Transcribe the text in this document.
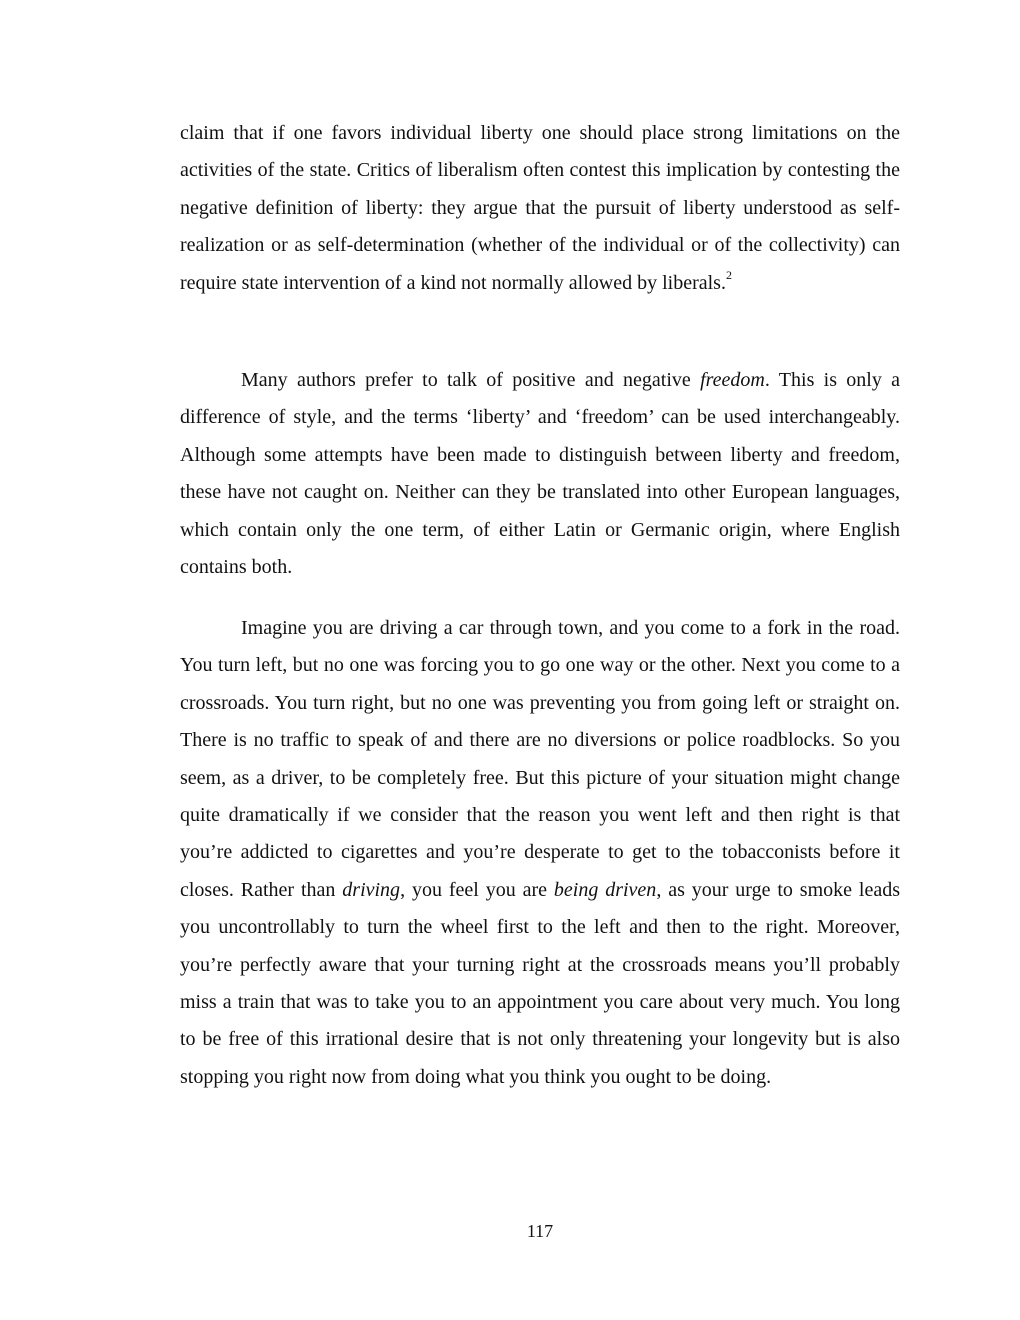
claim that if one favors individual liberty one should place strong limitations on the activities of the state. Critics of liberalism often contest this implication by contesting the negative definition of liberty: they argue that the pursuit of liberty understood as self-realization or as self-determination (whether of the individual or of the collectivity) can require state intervention of a kind not normally allowed by liberals.$^2$

Many authors prefer to talk of positive and negative freedom. This is only a difference of style, and the terms ‘liberty’ and ‘freedom’ can be used interchangeably. Although some attempts have been made to distinguish between liberty and freedom, these have not caught on. Neither can they be translated into other European languages, which contain only the one term, of either Latin or Germanic origin, where English contains both.

Imagine you are driving a car through town, and you come to a fork in the road. You turn left, but no one was forcing you to go one way or the other. Next you come to a crossroads. You turn right, but no one was preventing you from going left or straight on. There is no traffic to speak of and there are no diversions or police roadblocks. So you seem, as a driver, to be completely free. But this picture of your situation might change quite dramatically if we consider that the reason you went left and then right is that you’re addicted to cigarettes and you’re desperate to get to the tobacconists before it closes. Rather than driving, you feel you are being driven, as your urge to smoke leads you uncontrollably to turn the wheel first to the left and then to the right. Moreover, you’re perfectly aware that your turning right at the crossroads means you’ll probably miss a train that was to take you to an appointment you care about very much. You long to be free of this irrational desire that is not only threatening your longevity but is also stopping you right now from doing what you think you ought to be doing.

117
